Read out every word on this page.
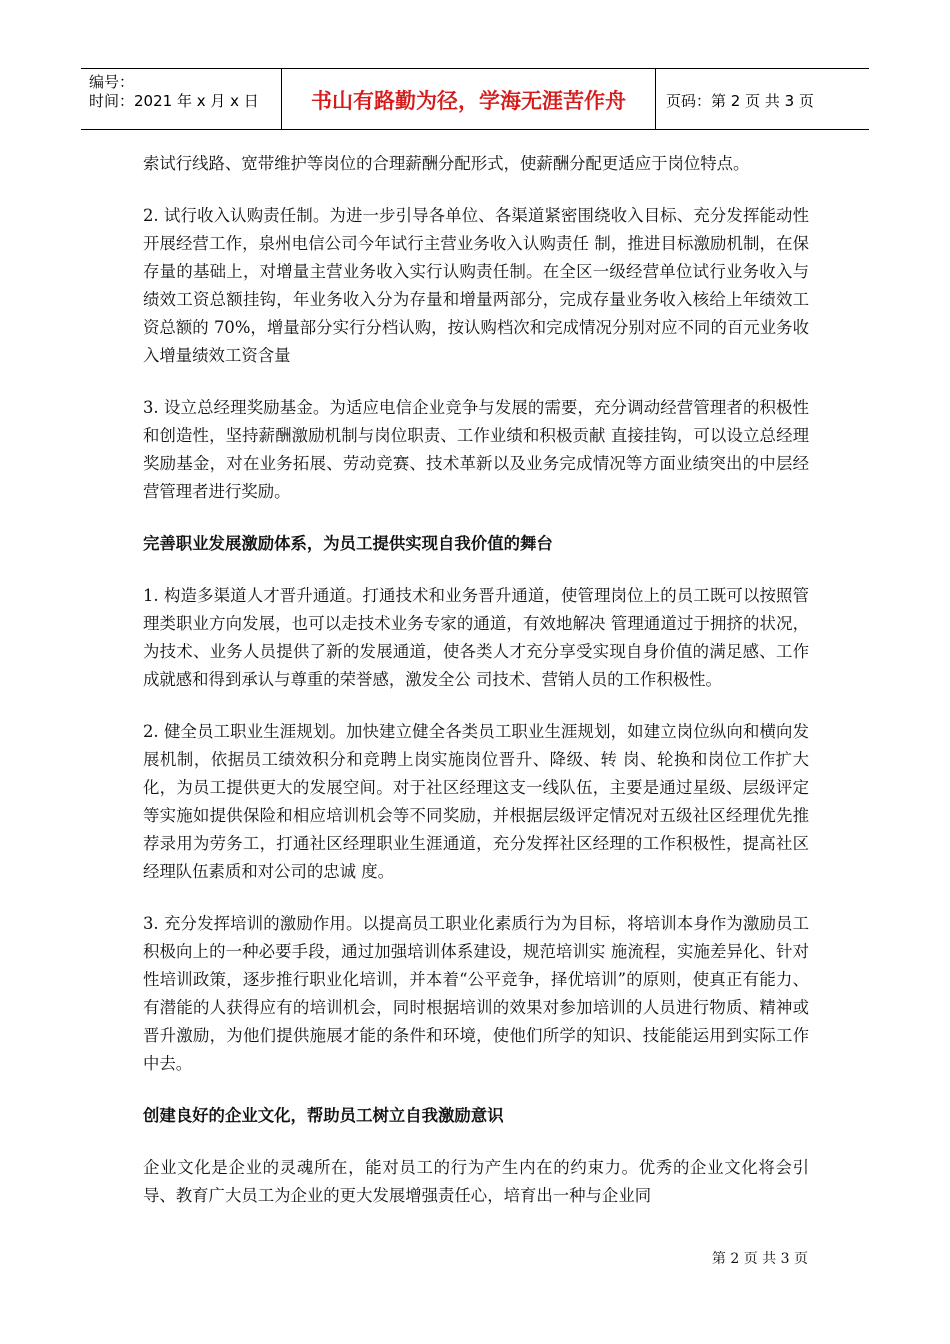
编号：
时间：2021 年 x 月 x 日	书山有路勤为径，学海无涯苦作舟	页码：第 2 页 共 3 页

索试行线路、宽带维护等岗位的合理薪酬分配形式，使薪酬分配更适应于岗位特点。

2. 试行收入认购责任制。为进一步引导各单位、各渠道紧密围绕收入目标、充分发挥能动性开展经营工作，泉州电信公司今年试行主营业务收入认购责任 制，推进目标激励机制，在保存量的基础上，对增量主营业务收入实行认购责任制。在全区一级经营单位试行业务收入与绩效工资总额挂钩，年业务收入分为存量和增量两部分，完成存量业务收入核给上年绩效工资总额的 70%，增量部分实行分档认购，按认购档次和完成情况分别对应不同的百元业务收入增量绩效工资含量

3. 设立总经理奖励基金。为适应电信企业竞争与发展的需要，充分调动经营管理者的积极性和创造性，坚持薪酬激励机制与岗位职责、工作业绩和积极贡献 直接挂钩，可以设立总经理奖励基金，对在业务拓展、劳动竞赛、技术革新以及业务完成情况等方面业绩突出的中层经营管理者进行奖励。

完善职业发展激励体系，为员工提供实现自我价值的舞台

1. 构造多渠道人才晋升通道。打通技术和业务晋升通道，使管理岗位上的员工既可以按照管理类职业方向发展，也可以走技术业务专家的通道，有效地解决 管理通道过于拥挤的状况，为技术、业务人员提供了新的发展通道，使各类人才充分享受实现自身价值的满足感、工作成就感和得到承认与尊重的荣誉感，激发全公 司技术、营销人员的工作积极性。

2. 健全员工职业生涯规划。加快建立健全各类员工职业生涯规划，如建立岗位纵向和横向发展机制，依据员工绩效积分和竞聘上岗实施岗位晋升、降级、转 岗、轮换和岗位工作扩大化，为员工提供更大的发展空间。对于社区经理这支一线队伍，主要是通过星级、层级评定等实施如提供保险和相应培训机会等不同奖励，并根据层级评定情况对五级社区经理优先推荐录用为劳务工，打通社区经理职业生涯通道，充分发挥社区经理的工作积极性，提高社区经理队伍素质和对公司的忠诚 度。

3. 充分发挥培训的激励作用。以提高员工职业化素质行为为目标，将培训本身作为激励员工积极向上的一种必要手段，通过加强培训体系建设，规范培训实 施流程，实施差异化、针对性培训政策，逐步推行职业化培训，并本着“公平竞争，择优培训”的原则，使真正有能力、有潜能的人获得应有的培训机会，同时根据培训的效果对参加培训的人员进行物质、精神或晋升激励，为他们提供施展才能的条件和环境，使他们所学的知识、技能能运用到实际工作中去。

创建良好的企业文化，帮助员工树立自我激励意识

企业文化是企业的灵魂所在，能对员工的行为产生内在的约束力。优秀的企业文化将会引导、教育广大员工为企业的更大发展增强责任心，培育出一种与企业同

第 2 页 共 3 页
